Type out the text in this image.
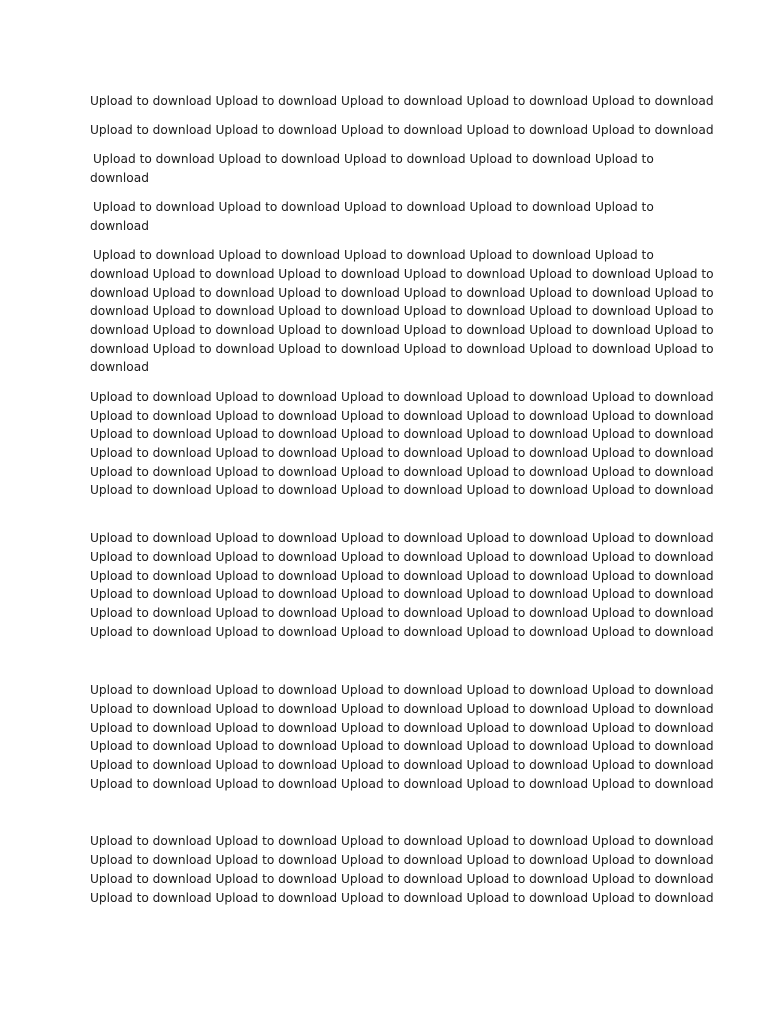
Upload to download Upload to download Upload to download Upload to download Upload to download

Upload to download Upload to download Upload to download Upload to download Upload to download

Upload to download Upload to download Upload to download Upload to download Upload to

download

Upload to download Upload to download Upload to download Upload to download Upload to

download

Upload to download Upload to download Upload to download Upload to download Upload to

download Upload to download Upload to download Upload to download Upload to download Upload to

download Upload to download Upload to download Upload to download Upload to download Upload to

download Upload to download Upload to download Upload to download Upload to download Upload to

download Upload to download Upload to download Upload to download Upload to download Upload to

download Upload to download Upload to download Upload to download Upload to download Upload to

download

Upload to download Upload to download Upload to download Upload to download Upload to download

Upload to download Upload to download Upload to download Upload to download Upload to download

Upload to download Upload to download Upload to download Upload to download Upload to download

Upload to download Upload to download Upload to download Upload to download Upload to download

Upload to download Upload to download Upload to download Upload to download Upload to download

Upload to download Upload to download Upload to download Upload to download Upload to download

Upload to download Upload to download Upload to download Upload to download Upload to download

Upload to download Upload to download Upload to download Upload to download Upload to download

Upload to download Upload to download Upload to download Upload to download Upload to download

Upload to download Upload to download Upload to download Upload to download Upload to download

Upload to download Upload to download Upload to download Upload to download Upload to download

Upload to download Upload to download Upload to download Upload to download Upload to download

Upload to download Upload to download Upload to download Upload to download Upload to download

Upload to download Upload to download Upload to download Upload to download Upload to download

Upload to download Upload to download Upload to download Upload to download Upload to download

Upload to download Upload to download Upload to download Upload to download Upload to download

Upload to download Upload to download Upload to download Upload to download Upload to download

Upload to download Upload to download Upload to download Upload to download Upload to download

Upload to download Upload to download Upload to download Upload to download Upload to download

Upload to download Upload to download Upload to download Upload to download Upload to download

Upload to download Upload to download Upload to download Upload to download Upload to download

Upload to download Upload to download Upload to download Upload to download Upload to download
